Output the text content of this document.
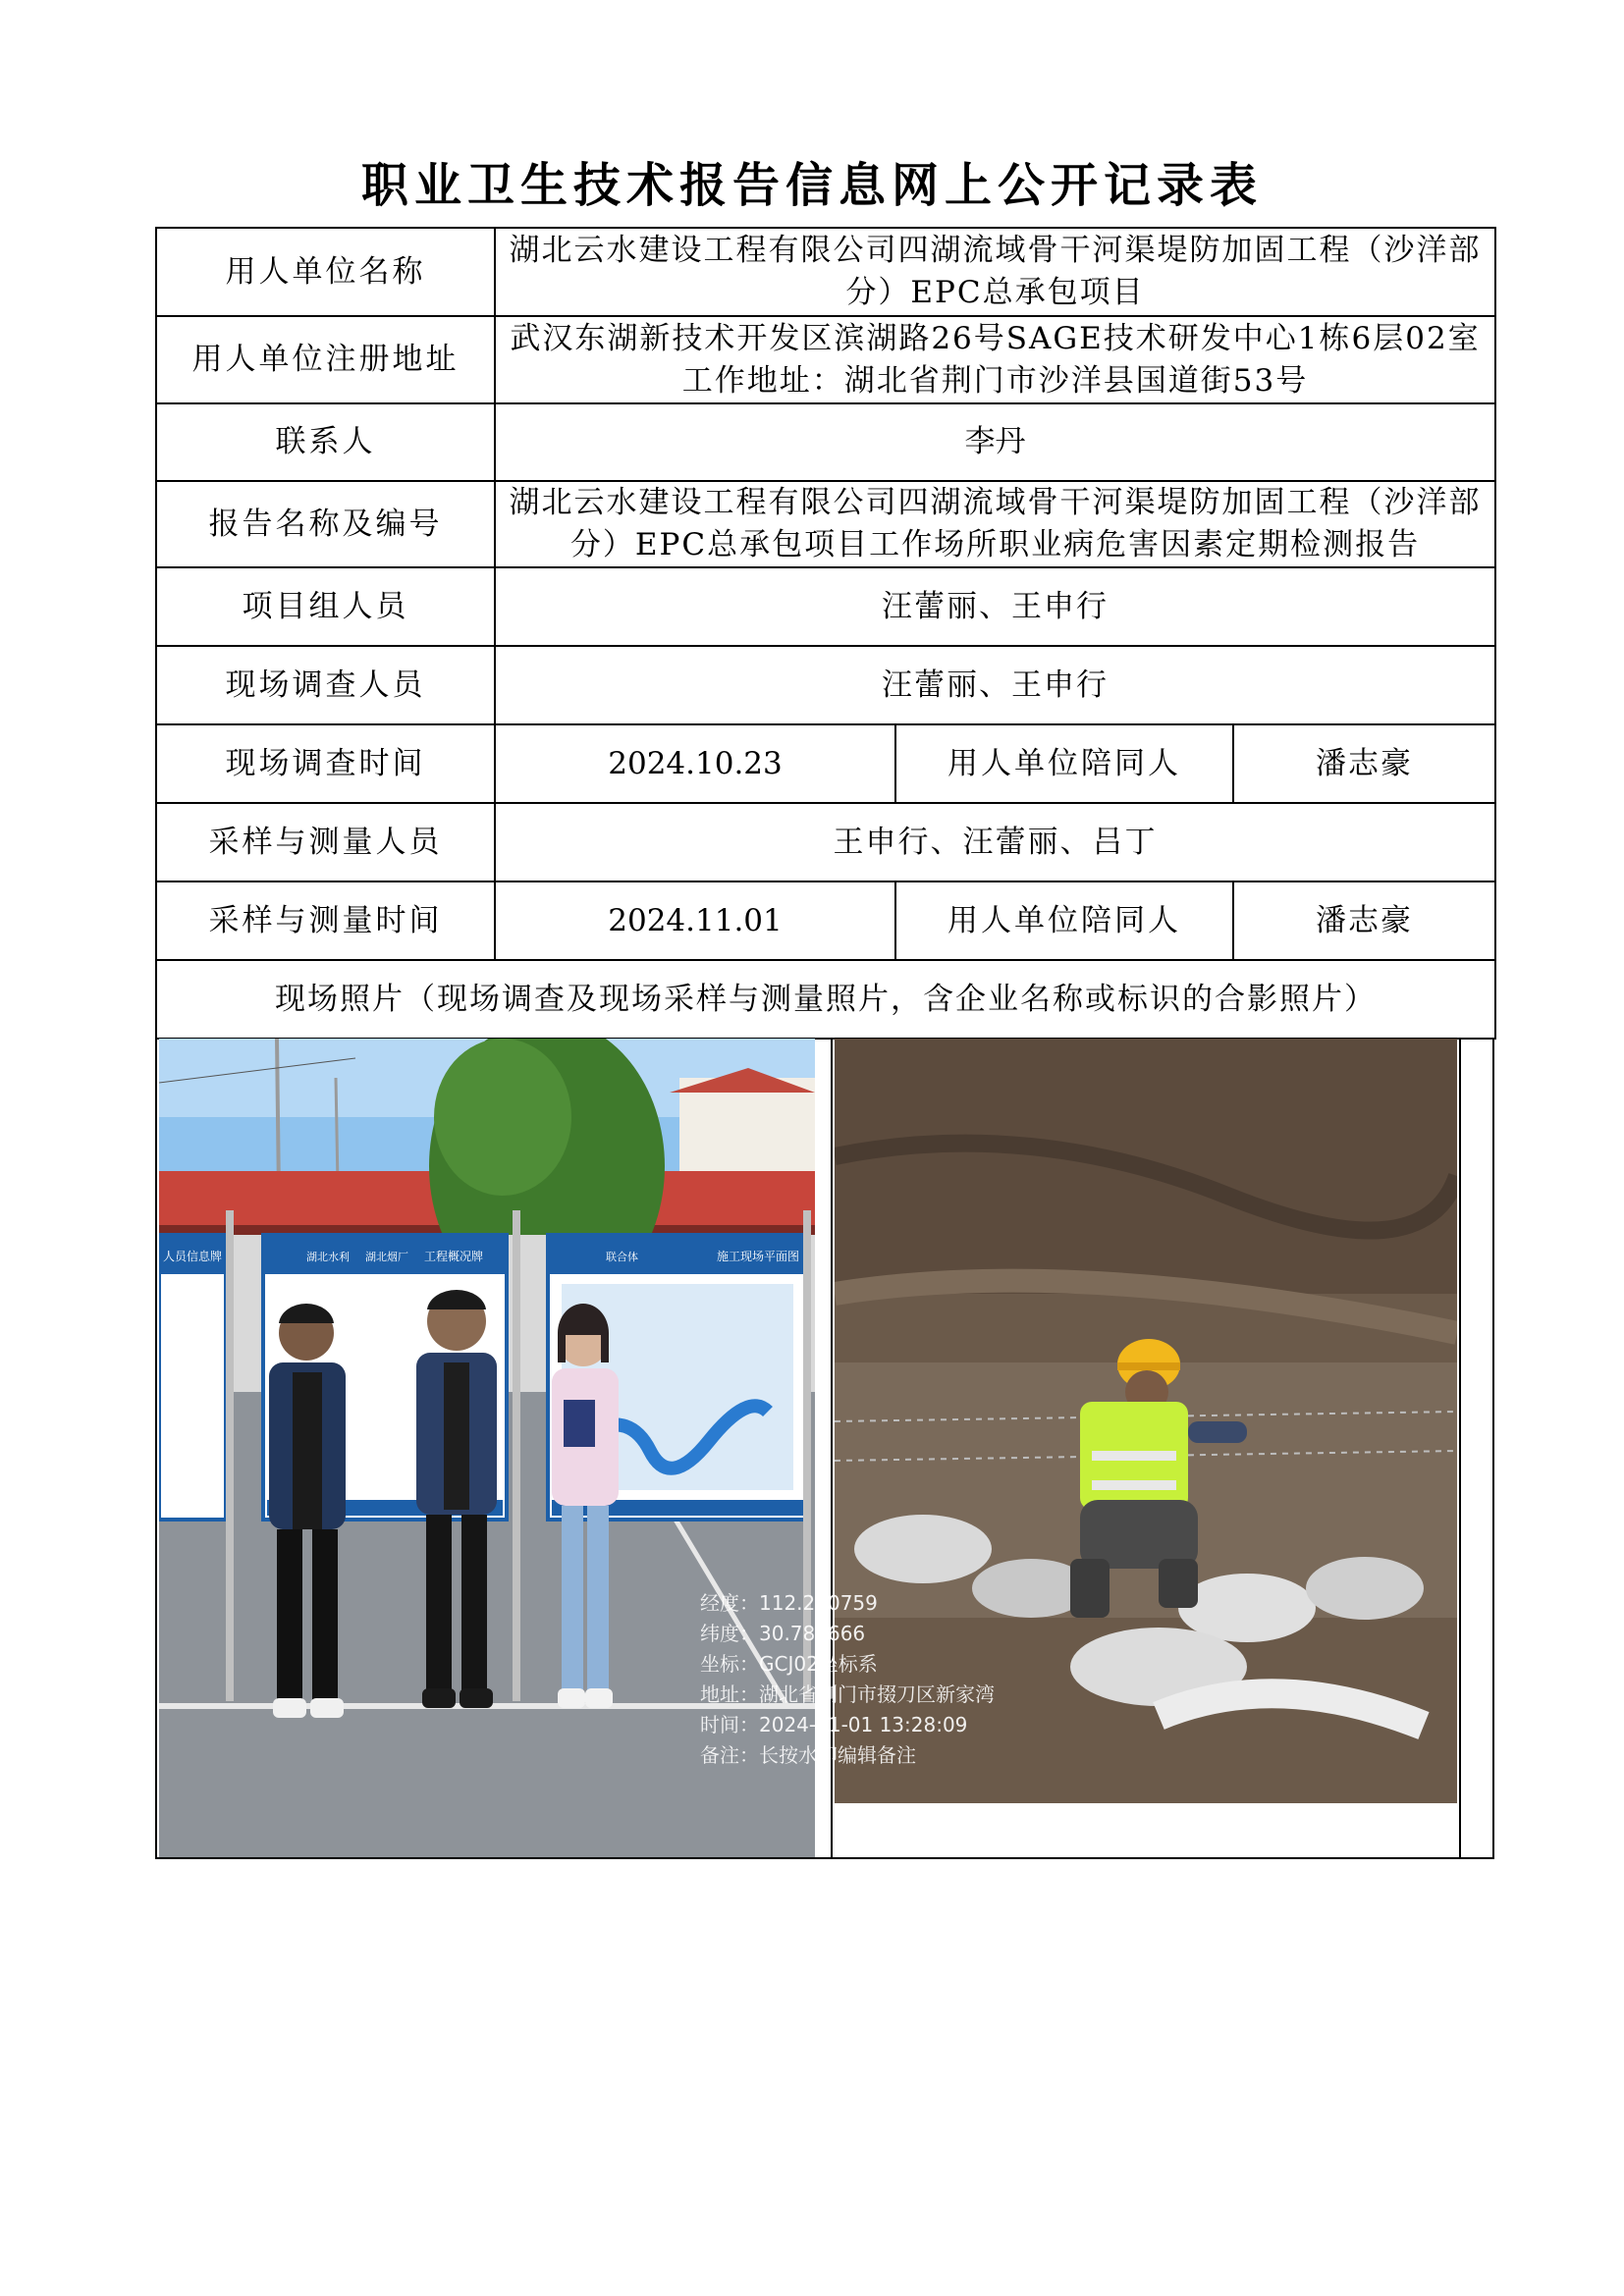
职业卫生技术报告信息网上公开记录表
用人单位名称	湖北云水建设工程有限公司四湖流域骨干河渠堤防加固工程（沙洋部分）EPC总承包项目		
用人单位注册地址	武汉东湖新技术开发区滨湖路26号SAGE技术研发中心1栋6层02室
工作地址：湖北省荆门市沙洋县国道街53号		

联系人	李丹		
报告名称及编号	湖北云水建设工程有限公司四湖流域骨干河渠堤防加固工程（沙洋部分）EPC总承包项目工作场所职业病危害因素定期检测报告		
项目组人员	汪蕾丽、王申行		
现场调查人员	汪蕾丽、王申行		
现场调查时间	2024.10.23	用人单位陪同人	潘志豪
采样与测量人员	王申行、汪蕾丽、吕丁		
采样与测量时间	2024.11.01	用人单位陪同人	潘志豪
现场照片（现场调查及现场采样与测量照片，含企业名称或标识的合影照片）			
人员信息牌	湖北水利 湖北烟厂 工程概况牌	联合体	施工现场平面图
经度：112.210759
纬度：30.787666
坐标：GCJ02坐标系
地址：湖北省荆门市掇刀区新家湾
时间：2024-11-01 13:28:09
备注：长按水印编辑备注
